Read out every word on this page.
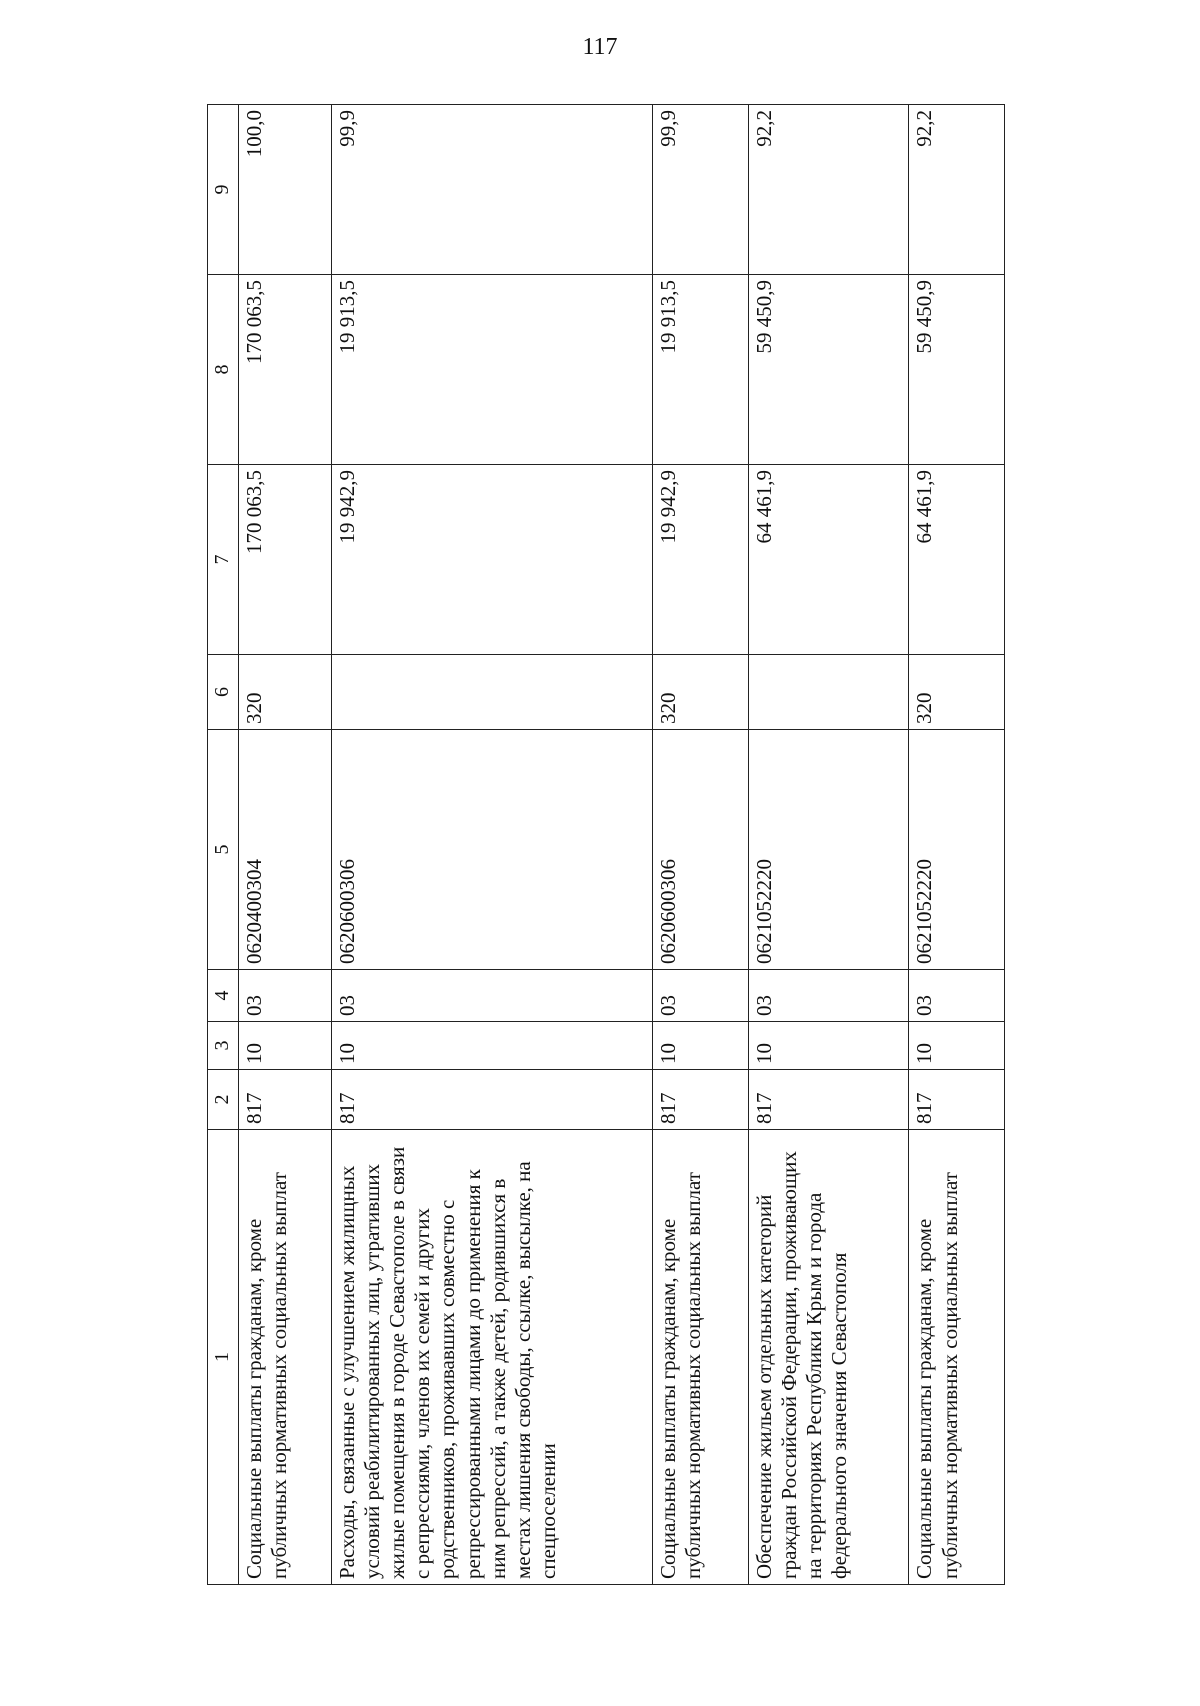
117
1	2	3	4	5	6	7	8	9
Социальные выплаты гражданам, кроме публичных нормативных социальных выплат	817	10	03	0620400304	320	170 063,5	170 063,5	100,0
Расходы, связанные с улучшением жилищных условий реабилитированных лиц, утративших жилые помещения в городе Севастополе в связи с репрессиями, членов их семей и других родственников, проживавших совместно с репрессированными лицами до применения к ним репрессий, а также детей, родившихся в местах лишения свободы, ссылке, высылке, на спецпоселении	817	10	03	0620600306		19 942,9	19 913,5	99,9
Социальные выплаты гражданам, кроме публичных нормативных социальных выплат	817	10	03	0620600306	320	19 942,9	19 913,5	99,9
Обеспечение жильем отдельных категорий граждан Российской Федерации, проживающих на территориях Республики Крым и города федерального значения Севастополя	817	10	03	0621052220		64 461,9	59 450,9	92,2
Социальные выплаты гражданам, кроме публичных нормативных социальных выплат	817	10	03	0621052220	320	64 461,9	59 450,9	92,2
